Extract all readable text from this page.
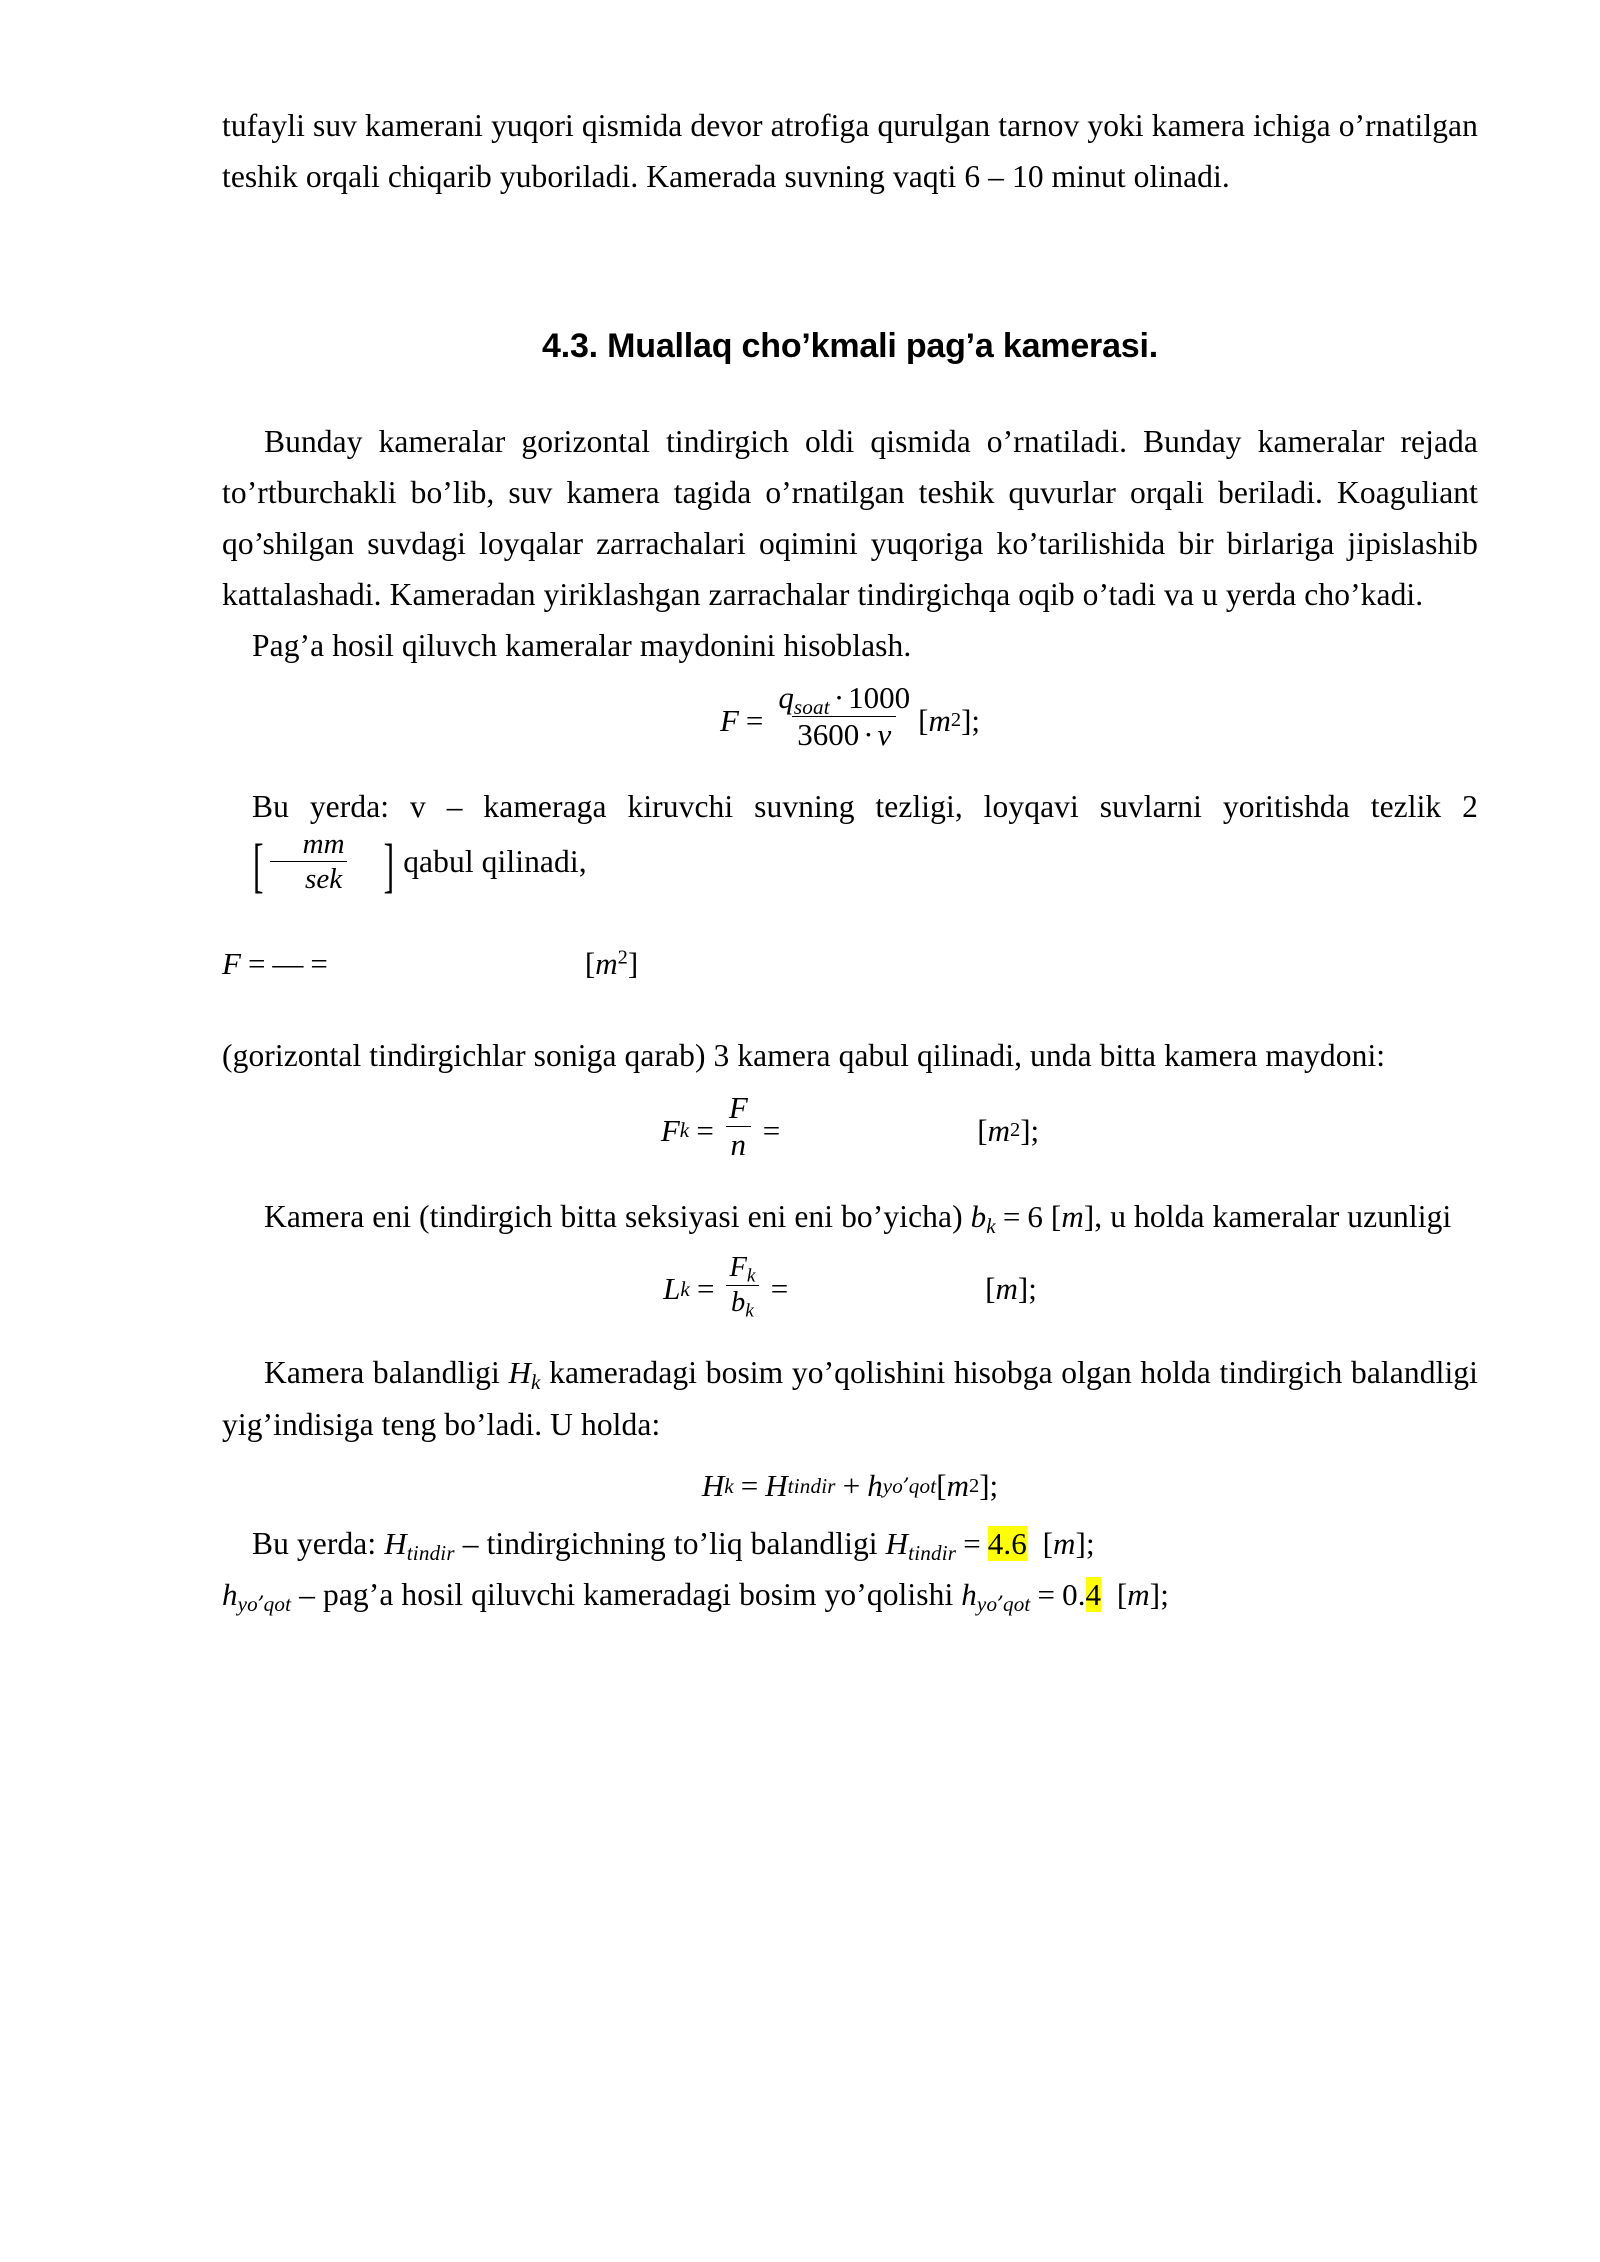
tufayli suv kamerani yuqori qismida devor atrofiga qurulgan tarnov yoki kamera ichiga o’rnatilgan teshik orqali chiqarib yuboriladi. Kamerada suvning vaqti 6 – 10 minut olinadi.

4.3. Muallaq cho’kmali pag’a kamerasi.

Bunday kameralar gorizontal tindirgich oldi qismida o’rnatiladi. Bunday kameralar rejada to’rtburchakli bo’lib, suv kamera tagida o’rnatilgan teshik quvurlar orqali beriladi. Koaguliant qo’shilgan suvdagi loyqalar zarrachalari oqimini yuqoriga ko’tarilishida bir birlariga jipislashib kattalashadi. Kameradan yiriklashgan zarrachalar tindirgichqa oqib o’tadi va u yerda cho’kadi.

Pag’a hosil qiluvch kameralar maydonini hisoblash.

$F = \frac{q_{soat} \cdot 1000}{3600 \cdot v}$ [ m 2 ] ;

Bu yerda: v – kameraga kiruvchi suvning tezligi, loyqavi suvlarni yoritishda tezlik 2
[ $\frac{mm}{\text{sek}}$	] qabul qilinadi,

F = — =	$[m^2]$

(gorizontal tindirgichlar soniga qarab) 3 kamera qabul qilinadi, unda bitta kamera maydoni:

F $k = \frac{F}{n}$ =	[ m 2 ] ;

Kamera eni (tindirgich bitta seksiyasi eni eni bo’yicha) $b_k = 6$ [m], u holda kameralar uzunligi

L $k = \frac{F_k}{b_k}$ =	[ m ] ;

Kamera balandligi $H_k$ kameradagi bosim yo’qolishini hisobga olgan holda tindirgich balandligi yig’indisiga teng bo’ladi. U holda:

H k = H tindir + h yo՚qot [ m 2 ] ;

Bu yerda: $H_{tindir}$ – tindirgichning to’liq balandligi $H_{tindir} = 4.6$ [m];

$h_{yo՚qot}$ – pag’a hosil qiluvchi kameradagi bosim yo’qolishi $h_{yo՚qot} = 0.4$ [m];
